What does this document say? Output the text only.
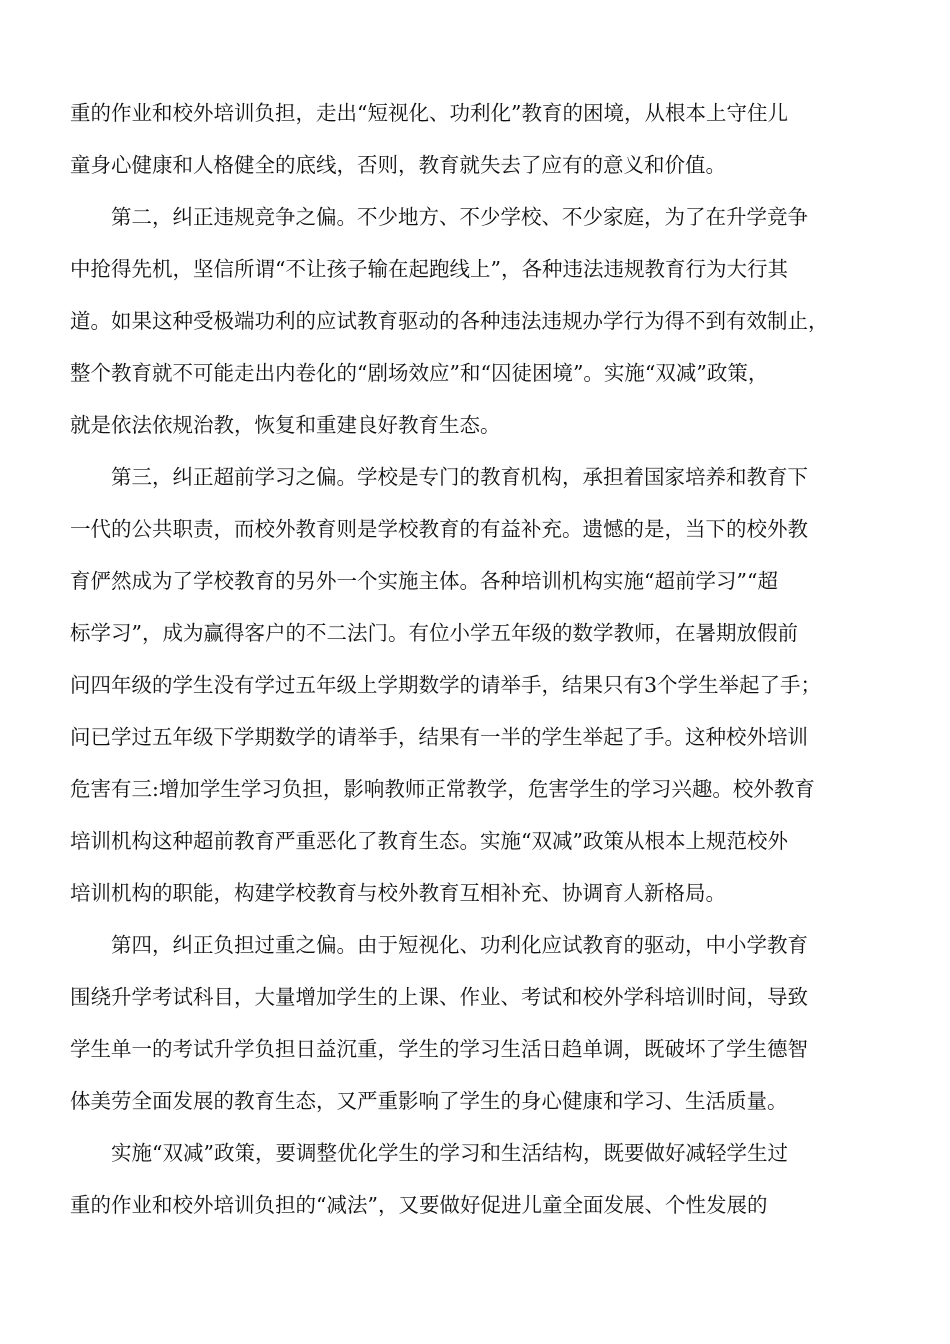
重的作业和校外培训负担，走出“短视化、功利化”教育的困境，从根本上守住儿
童身心健康和人格健全的底线，否则，教育就失去了应有的意义和价值。
　　第二，纠正违规竞争之偏。不少地方、不少学校、不少家庭，为了在升学竞争
中抢得先机，坚信所谓“不让孩子输在起跑线上”，各种违法违规教育行为大行其
道。如果这种受极端功利的应试教育驱动的各种违法违规办学行为得不到有效制止，
整个教育就不可能走出内卷化的“剧场效应”和“囚徒困境”。实施“双减”政策，
就是依法依规治教，恢复和重建良好教育生态。
　　第三，纠正超前学习之偏。学校是专门的教育机构，承担着国家培养和教育下
一代的公共职责，而校外教育则是学校教育的有益补充。遗憾的是，当下的校外教
育俨然成为了学校教育的另外一个实施主体。各种培训机构实施“超前学习”“超
标学习”，成为赢得客户的不二法门。有位小学五年级的数学教师，在暑期放假前
问四年级的学生没有学过五年级上学期数学的请举手，结果只有3个学生举起了手；
问已学过五年级下学期数学的请举手，结果有一半的学生举起了手。这种校外培训
危害有三:增加学生学习负担，影响教师正常教学，危害学生的学习兴趣。校外教育
培训机构这种超前教育严重恶化了教育生态。实施“双减”政策从根本上规范校外
培训机构的职能，构建学校教育与校外教育互相补充、协调育人新格局。
　　第四，纠正负担过重之偏。由于短视化、功利化应试教育的驱动，中小学教育
围绕升学考试科目，大量增加学生的上课、作业、考试和校外学科培训时间，导致
学生单一的考试升学负担日益沉重，学生的学习生活日趋单调，既破坏了学生德智
体美劳全面发展的教育生态，又严重影响了学生的身心健康和学习、生活质量。
　　实施“双减”政策，要调整优化学生的学习和生活结构，既要做好减轻学生过
重的作业和校外培训负担的“减法”，又要做好促进儿童全面发展、个性发展的
